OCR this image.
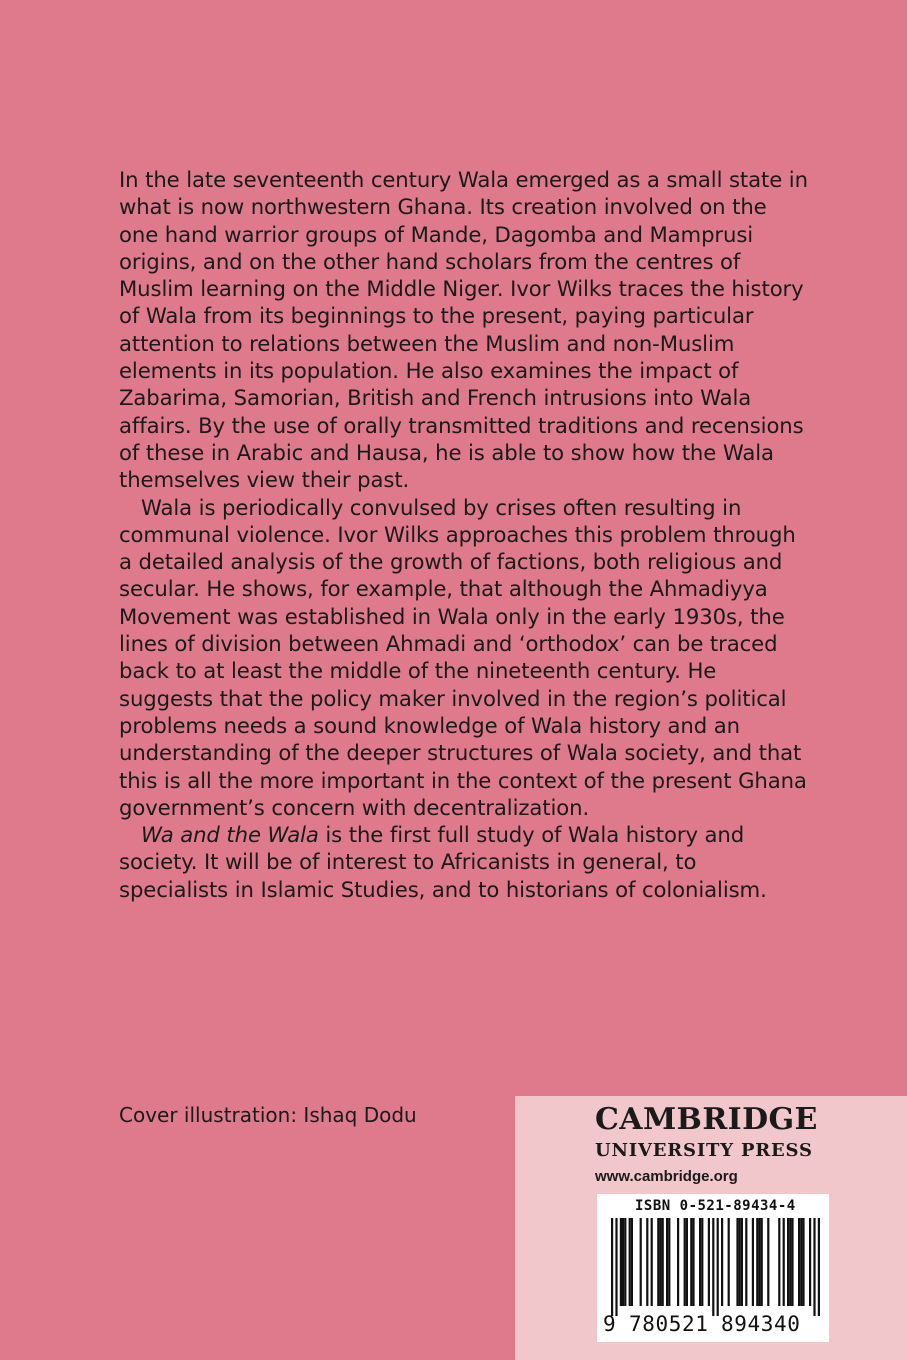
In the late seventeenth century Wala emerged as a small state in what is now northwestern Ghana. Its creation involved on the one hand warrior groups of Mande, Dagomba and Mamprusi origins, and on the other hand scholars from the centres of Muslim learning on the Middle Niger. Ivor Wilks traces the history of Wala from its beginnings to the present, paying particular attention to relations between the Muslim and non-Muslim elements in its population. He also examines the impact of Zabarima, Samorian, British and French intrusions into Wala affairs. By the use of orally transmitted traditions and recensions of these in Arabic and Hausa, he is able to show how the Wala themselves view their past.

Wala is periodically convulsed by crises often resulting in communal violence. Ivor Wilks approaches this problem through a detailed analysis of the growth of factions, both religious and secular. He shows, for example, that although the Ahmadiyya Movement was established in Wala only in the early 1930s, the lines of division between Ahmadi and ‘orthodox’ can be traced back to at least the middle of the nineteenth century. He suggests that the policy maker involved in the region’s political problems needs a sound knowledge of Wala history and an understanding of the deeper structures of Wala society, and that this is all the more important in the context of the present Ghana government’s concern with decentralization.

Wa and the Wala is the first full study of Wala history and society. It will be of interest to Africanists in general, to specialists in Islamic Studies, and to historians of colonialism.

Cover illustration: Ishaq Dodu	CAMBRIDGE
UNIVERSITY PRESS
www.cambridge.org
ISBN 0-521-89434-4
9 780521 894340
